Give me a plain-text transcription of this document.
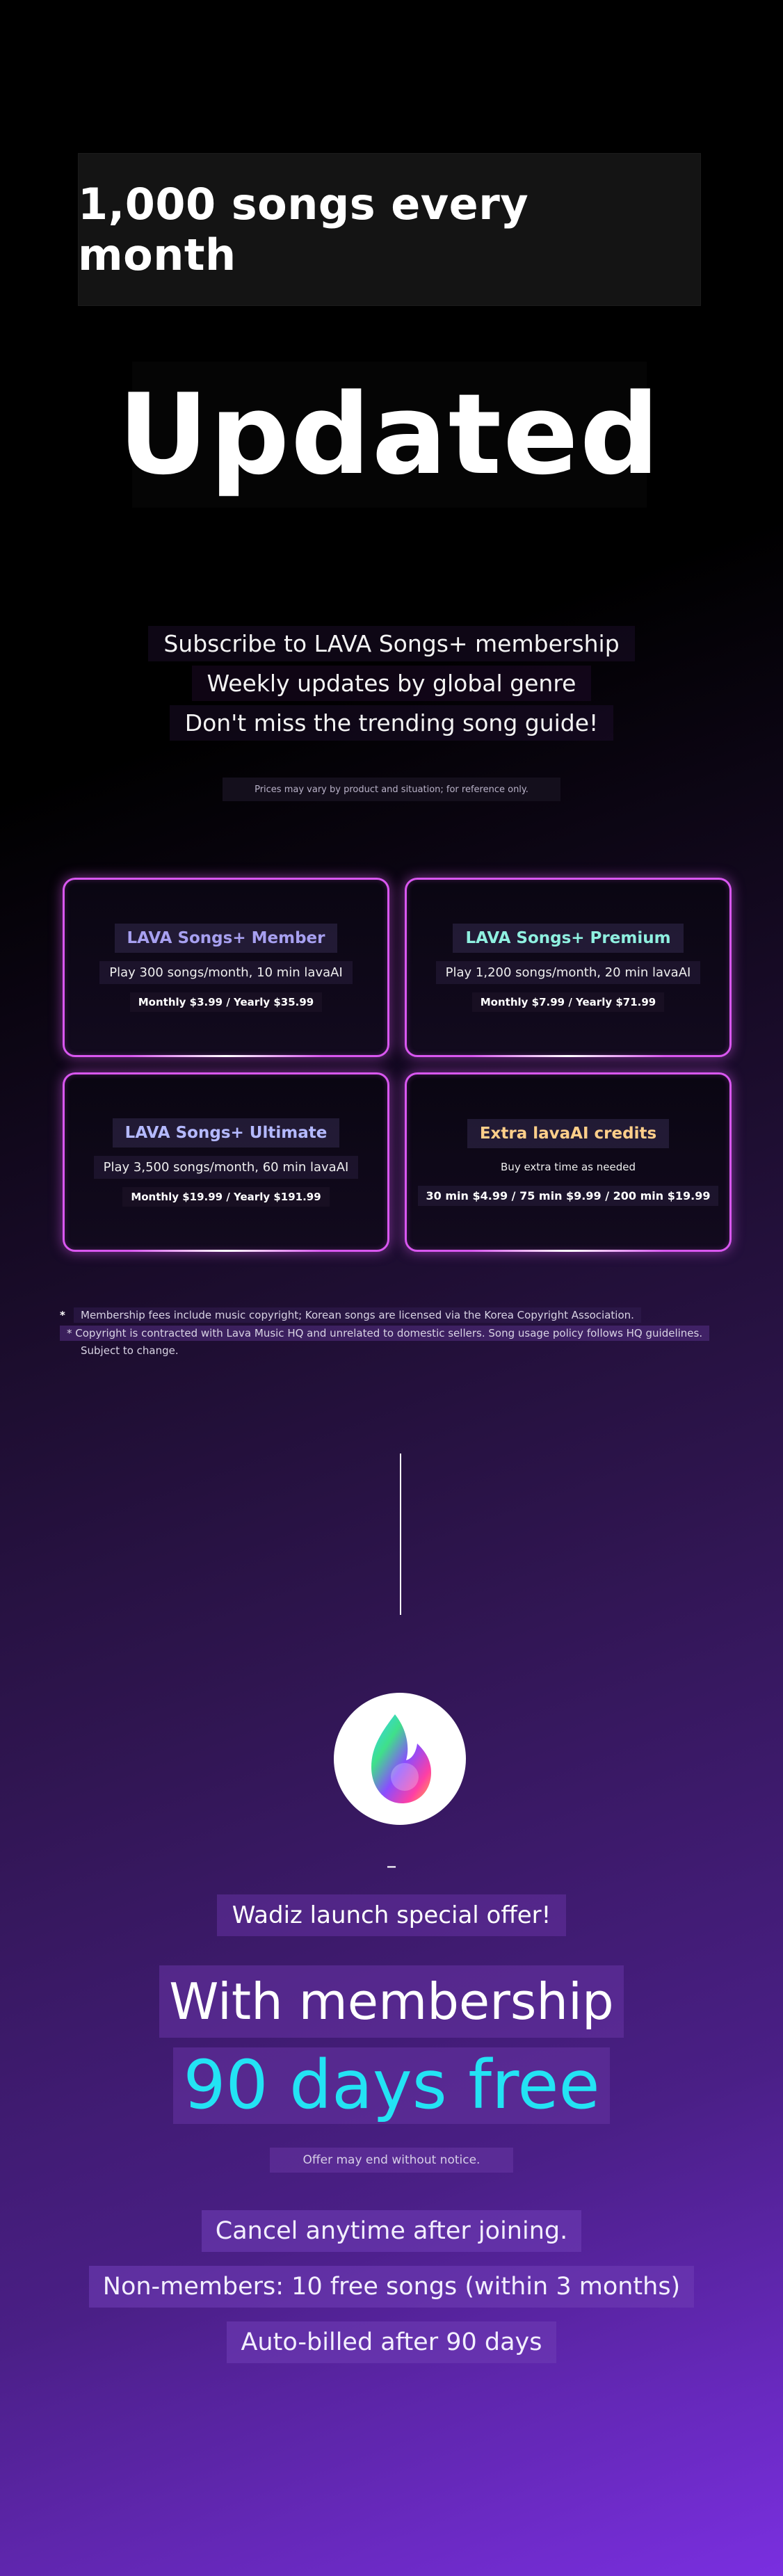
1,000 songs every month
Updated
Subscribe to LAVA Songs+ membership
Weekly updates by global genre
Don't miss the trending song guide!
Prices may vary by product and situation; for reference only.
LAVA Songs+ Member
Play 300 songs/month, 10 min lavaAI
Monthly $3.99 / Yearly $35.99
LAVA Songs+ Premium
Play 1,200 songs/month, 20 min lavaAI
Monthly $7.99 / Yearly $71.99
LAVA Songs+ Ultimate
Play 3,500 songs/month, 60 min lavaAI
Monthly $19.99 / Yearly $191.99
Extra lavaAI credits
Buy extra time as needed
30 min $4.99 / 75 min $9.99 / 200 min $19.99
*	Membership fees include music copyright; Korean songs are licensed via the Korea Copyright Association.
* Copyright is contracted with Lava Music HQ and unrelated to domestic sellers. Song usage policy follows HQ guidelines.
Subject to change.
–
Wadiz launch special offer!
With membership
90 days free
Offer may end without notice.
Cancel anytime after joining.
Non-members: 10 free songs (within 3 months)
Auto-billed after 90 days
